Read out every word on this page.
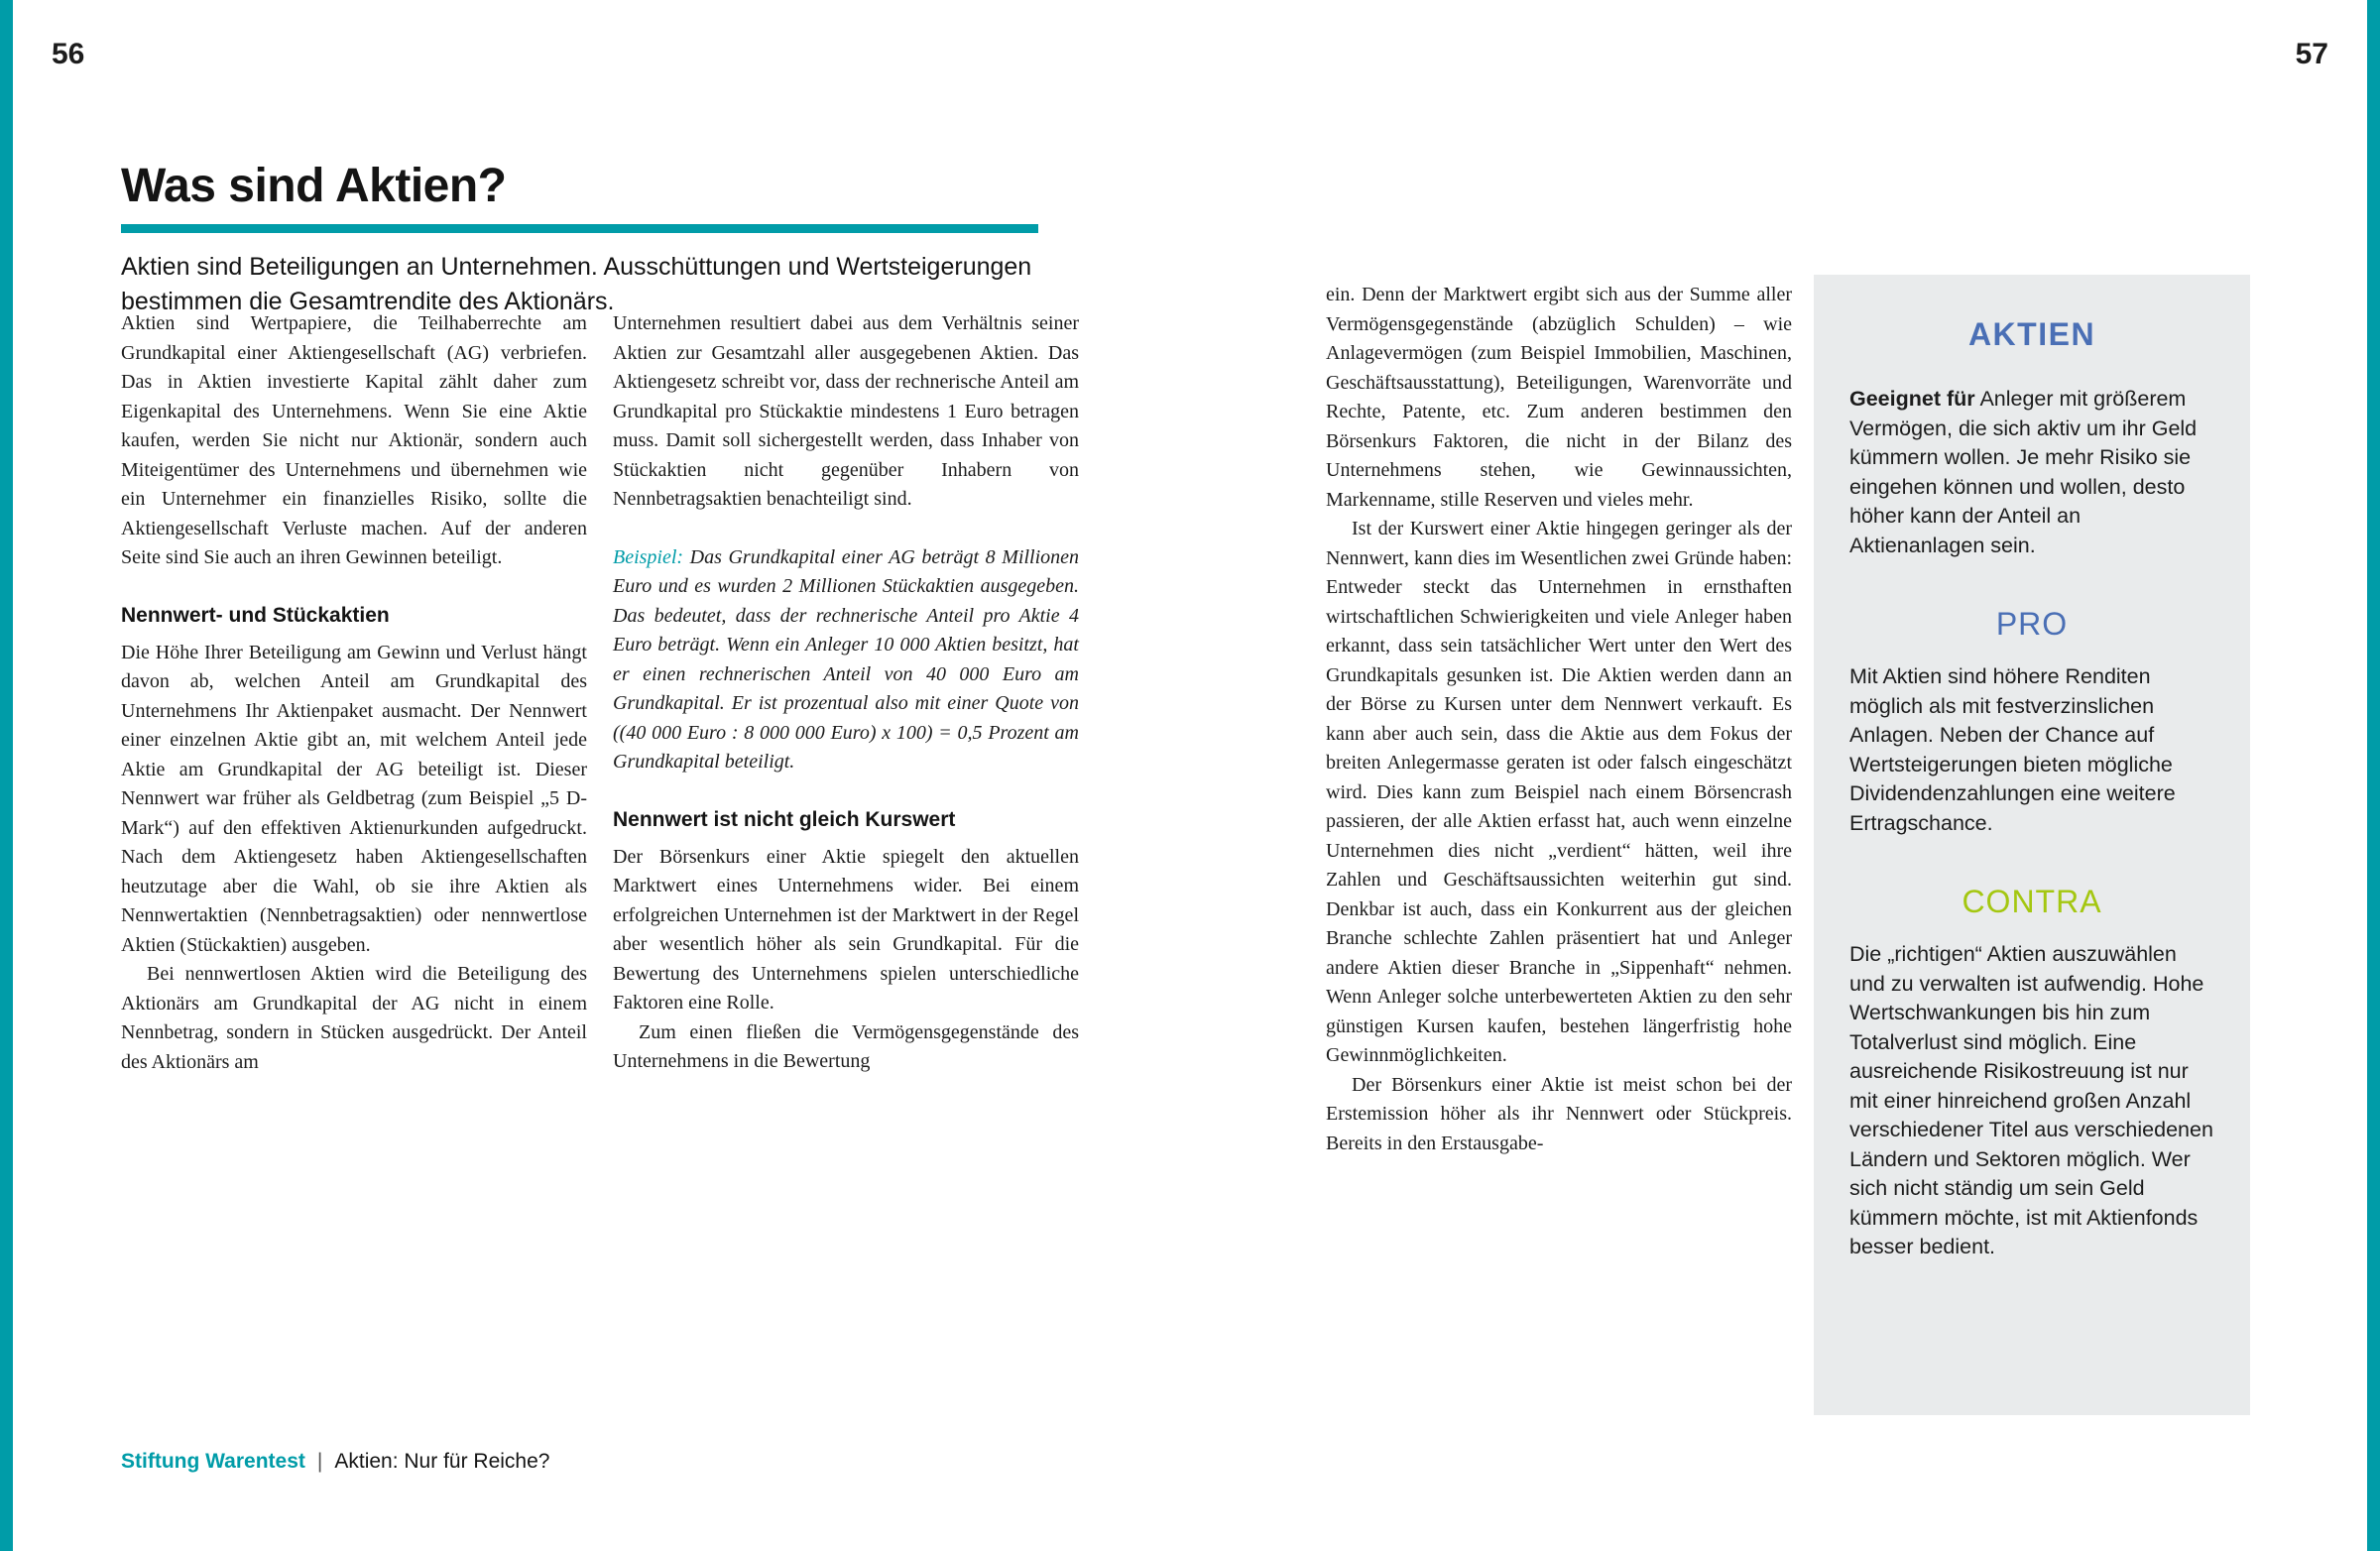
56	57
Was sind Aktien?

Aktien sind Beteiligungen an Unternehmen. Ausschüttungen und Wertsteigerungen bestimmen die Gesamtrendite des Aktionärs.

Aktien sind Wertpapiere, die Teilhaberrechte am Grundkapital einer Aktiengesellschaft (AG) verbriefen. Das in Aktien investierte Kapital zählt daher zum Eigenkapital des Unternehmens. Wenn Sie eine Aktie kaufen, werden Sie nicht nur Aktionär, sondern auch Miteigentümer des Unternehmens und übernehmen wie ein Unternehmer ein finanzielles Risiko, sollte die Aktiengesellschaft Verluste machen. Auf der anderen Seite sind Sie auch an ihren Gewinnen beteiligt.

Nennwert- und Stückaktien

Die Höhe Ihrer Beteiligung am Gewinn und Verlust hängt davon ab, welchen Anteil am Grundkapital des Unternehmens Ihr Aktienpaket ausmacht. Der Nennwert einer einzelnen Aktie gibt an, mit welchem Anteil jede Aktie am Grundkapital der AG beteiligt ist. Dieser Nennwert war früher als Geldbetrag (zum Beispiel „5 D-Mark“) auf den effektiven Aktienurkunden aufgedruckt. Nach dem Aktiengesetz haben Aktiengesellschaften heutzutage aber die Wahl, ob sie ihre Aktien als Nennwertaktien (Nennbetragsaktien) oder nennwertlose Aktien (Stückaktien) ausgeben.

Bei nennwertlosen Aktien wird die Beteiligung des Aktionärs am Grundkapital der AG nicht in einem Nennbetrag, sondern in Stücken ausgedrückt. Der Anteil des Aktionärs am

Unternehmen resultiert dabei aus dem Verhältnis seiner Aktien zur Gesamtzahl aller ausgegebenen Aktien. Das Aktiengesetz schreibt vor, dass der rechnerische Anteil am Grundkapital pro Stückaktie mindestens 1 Euro betragen muss. Damit soll sichergestellt werden, dass Inhaber von Stückaktien nicht gegenüber Inhabern von Nennbetragsaktien benachteiligt sind.

Beispiel: Das Grundkapital einer AG beträgt 8 Millionen Euro und es wurden 2 Millionen Stückaktien ausgegeben. Das bedeutet, dass der rechnerische Anteil pro Aktie 4 Euro beträgt. Wenn ein Anleger 10 000 Aktien besitzt, hat er einen rechnerischen Anteil von 40 000 Euro am Grundkapital. Er ist prozentual also mit einer Quote von ((40 000 Euro : 8 000 000 Euro) x 100) = 0,5 Prozent am Grundkapital beteiligt.

Nennwert ist nicht gleich Kurswert

Der Börsenkurs einer Aktie spiegelt den aktuellen Marktwert eines Unternehmens wider. Bei einem erfolgreichen Unternehmen ist der Marktwert in der Regel aber wesentlich höher als sein Grundkapital. Für die Bewertung des Unternehmens spielen unterschiedliche Faktoren eine Rolle.

Zum einen fließen die Vermögensgegenstände des Unternehmens in die Bewertung

ein. Denn der Marktwert ergibt sich aus der Summe aller Vermögensgegenstände (abzüglich Schulden) – wie Anlagevermögen (zum Beispiel Immobilien, Maschinen, Geschäftsausstattung), Beteiligungen, Warenvorräte und Rechte, Patente, etc. Zum anderen bestimmen den Börsenkurs Faktoren, die nicht in der Bilanz des Unternehmens stehen, wie Gewinnaussichten, Markenname, stille Reserven und vieles mehr.

Ist der Kurswert einer Aktie hingegen geringer als der Nennwert, kann dies im Wesentlichen zwei Gründe haben: Entweder steckt das Unternehmen in ernsthaften wirtschaftlichen Schwierigkeiten und viele Anleger haben erkannt, dass sein tatsächlicher Wert unter den Wert des Grundkapitals gesunken ist. Die Aktien werden dann an der Börse zu Kursen unter dem Nennwert verkauft. Es kann aber auch sein, dass die Aktie aus dem Fokus der breiten Anlegermasse geraten ist oder falsch eingeschätzt wird. Dies kann zum Beispiel nach einem Börsencrash passieren, der alle Aktien erfasst hat, auch wenn einzelne Unternehmen dies nicht „verdient“ hätten, weil ihre Zahlen und Geschäftsaussichten weiterhin gut sind. Denkbar ist auch, dass ein Konkurrent aus der gleichen Branche schlechte Zahlen präsentiert hat und Anleger andere Aktien dieser Branche in „Sippenhaft“ nehmen. Wenn Anleger solche unterbewerteten Aktien zu den sehr günstigen Kursen kaufen, bestehen längerfristig hohe Gewinnmöglichkeiten.

Der Börsenkurs einer Aktie ist meist schon bei der Erstemission höher als ihr Nennwert oder Stückpreis. Bereits in den Erstausgabe-

AKTIEN

Geeignet für Anleger mit größerem Vermögen, die sich aktiv um ihr Geld kümmern wollen. Je mehr Risiko sie eingehen können und wollen, desto höher kann der Anteil an Aktienanlagen sein.

PRO

Mit Aktien sind höhere Renditen möglich als mit festverzinslichen Anlagen. Neben der Chance auf Wertsteigerungen bieten mögliche Dividendenzahlungen eine weitere Ertragschance.

CONTRA

Die „richtigen“ Aktien auszuwählen und zu verwalten ist aufwendig. Hohe Wertschwankungen bis hin zum Totalverlust sind möglich. Eine ausreichende Risikostreuung ist nur mit einer hinreichend großen Anzahl verschiedener Titel aus verschiedenen Ländern und Sektoren möglich. Wer sich nicht ständig um sein Geld kümmern möchte, ist mit Aktienfonds besser bedient.

Stiftung Warentest | Aktien: Nur für Reiche?
